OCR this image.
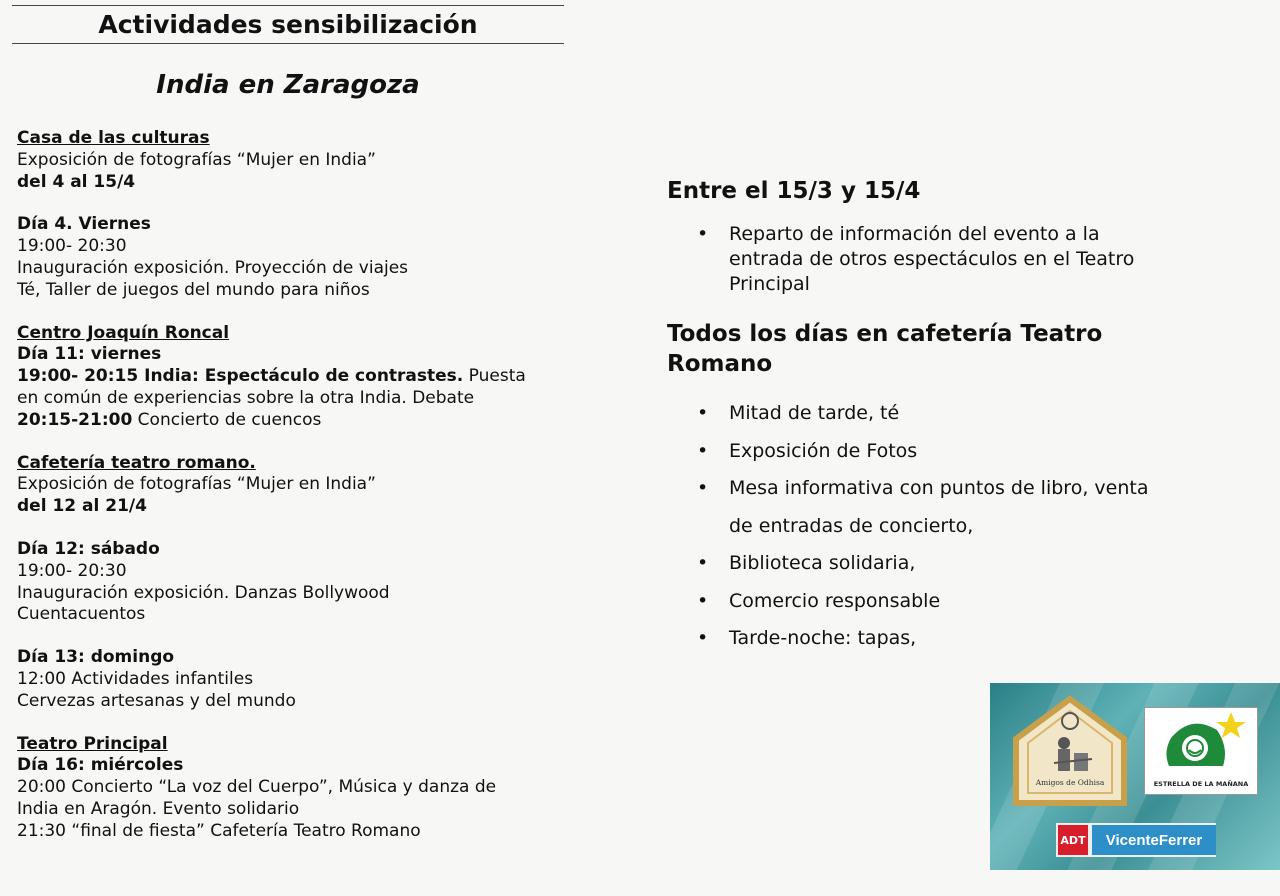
Actividades sensibilización
India en Zaragoza
Casa de las culturas
Exposición de fotografías “Mujer en India”
del 4 al 15/4
Día 4. Viernes
19:00- 20:30
Inauguración exposición. Proyección de viajes
Té, Taller de juegos del mundo para niños
Centro Joaquín Roncal
Día 11: viernes
19:00- 20:15 India: Espectáculo de contrastes. Puesta
en común de experiencias sobre la otra India. Debate
20:15-21:00 Concierto de cuencos
Cafetería teatro romano.
Exposición de fotografías “Mujer en India”
del 12 al 21/4
Día 12: sábado
19:00- 20:30
Inauguración exposición. Danzas Bollywood
Cuentacuentos
Día 13: domingo
12:00 Actividades infantiles
Cervezas artesanas y del mundo
Teatro Principal
Día 16: miércoles
20:00 Concierto “La voz del Cuerpo”, Música y danza de
India en Aragón. Evento solidario
21:30 “final de fiesta” Cafetería Teatro Romano
Entre el 15/3 y 15/4
• Reparto de información del evento a la
entrada de otros espectáculos en el Teatro
Principal
Todos los días en cafetería Teatro
Romano
• Mitad de tarde, té
• Exposición de Fotos
• Mesa informativa con puntos de libro, venta
de entradas de concierto,
• Biblioteca solidaria,
• Comercio responsable
• Tarde-noche: tapas,
Amigos de Odhisa	ESTRELLA DE LA MAÑANA
ADT	VicenteFerrer
